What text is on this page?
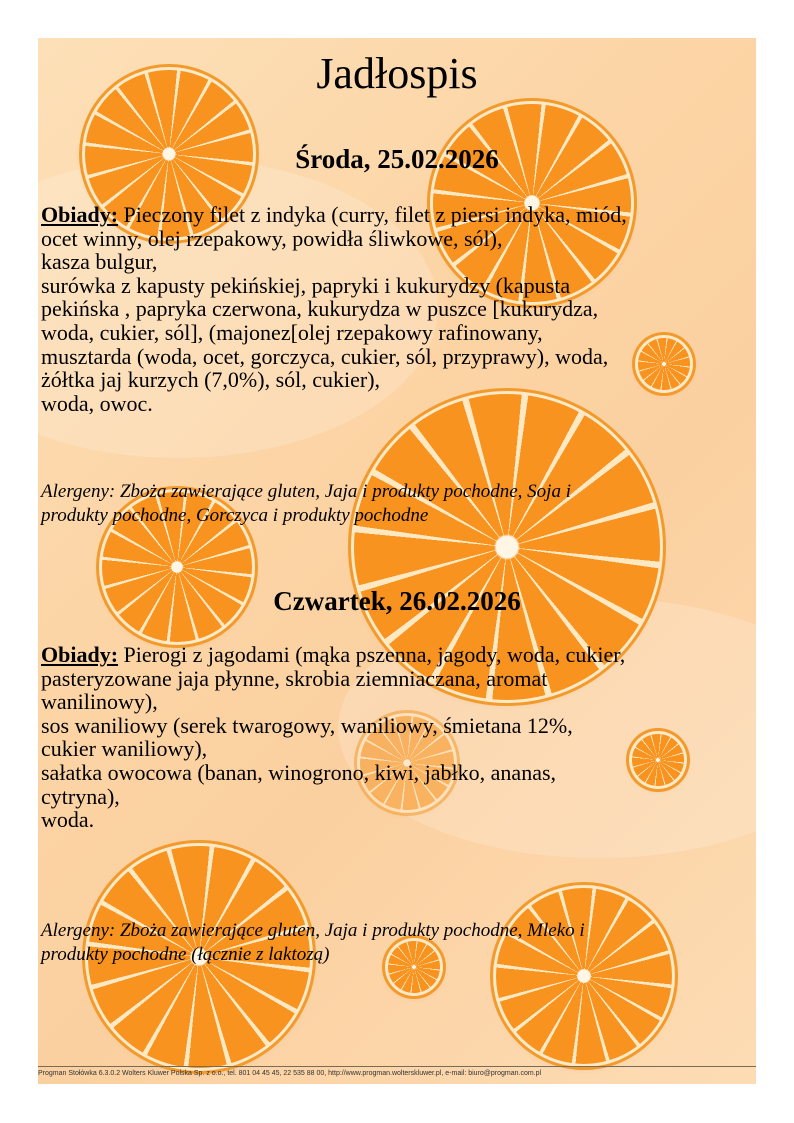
Jadłospis
Środa, 25.02.2026
Obiady: Pieczony filet z indyka (curry, filet z piersi indyka, miód,
ocet winny, olej rzepakowy, powidła śliwkowe, sól),
kasza bulgur,
surówka z kapusty pekińskiej, papryki i kukurydzy (kapusta
pekińska , papryka czerwona, kukurydza w puszce [kukurydza,
woda, cukier, sól], (majonez[olej rzepakowy rafinowany,
musztarda (woda, ocet, gorczyca, cukier, sól, przyprawy), woda,
żółtka jaj kurzych (7,0%), sól, cukier),
woda, owoc.
Alergeny: Zboża zawierające gluten, Jaja i produkty pochodne, Soja i
produkty pochodne, Gorczyca i produkty pochodne
Czwartek, 26.02.2026
Obiady: Pierogi z jagodami (mąka pszenna, jagody, woda, cukier,
pasteryzowane jaja płynne, skrobia ziemniaczana, aromat
wanilinowy),
sos waniliowy (serek twarogowy, waniliowy, śmietana 12%,
cukier waniliowy),
sałatka owocowa (banan, winogrono, kiwi, jabłko, ananas,
cytryna),
woda.
Alergeny: Zboża zawierające gluten, Jaja i produkty pochodne, Mleko i
produkty pochodne (łącznie z laktozą)
Progman Stołówka 6.3.0.2 Wolters Kluwer Polska Sp. z o.o., tel. 801 04 45 45, 22 535 88 00, http://www.progman.wolterskluwer.pl, e-mail: biuro@progman.com.pl
